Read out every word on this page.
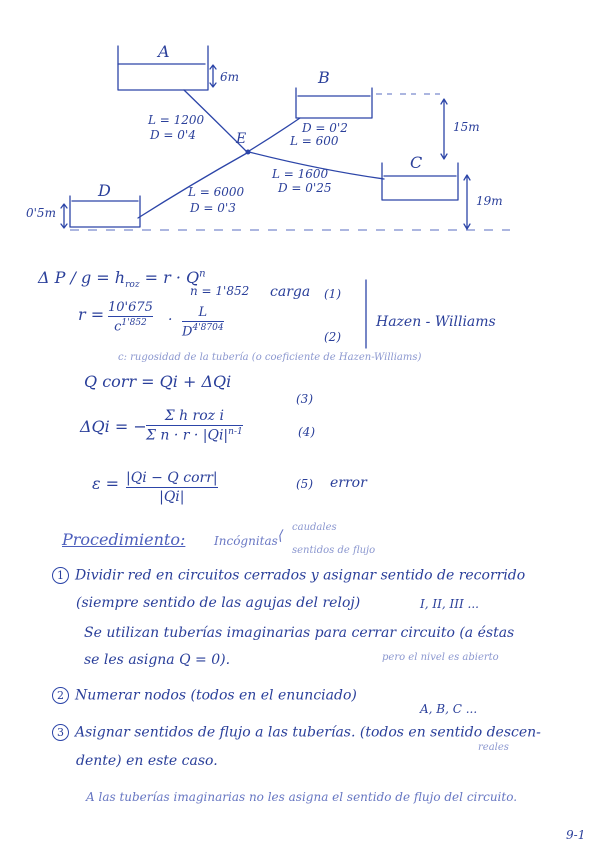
A
B
C
D
E
6m
L = 1200
D = 0'4	D = 0'2
L = 600
15m
L = 1600
D = 0'25
L = 6000
D = 0'3	19m
0'5m
Δ $P / g = h_{roz} = r \cdot Q^n$
n = 1'852 carga (1)
r = 10'675
$c^{1'852}$	·	L
$D^{4'8704}$
(2)
Hazen - Williams
c: rugosidad de la tubería (o coeficiente de Hazen-Williams)
Q corr = Qi + ΔQi
(3)
ΔQi = −
Σ h roz i
Σ $n \cdot r \cdot |Qi|^{n-1}$	(4)
ε = |Qi − Q corr|
|Qi|
(5) error
Procedimiento: Incógnitas ⟨
caudales
sentidos de flujo
1 Dividir red en circuitos cerrados y asignar sentido de recorrido
(siempre sentido de las agujas del reloj)	I, II, III ...
Se utilizan tuberías imaginarias para cerrar circuito (a éstas
se les asigna Q = 0).	pero el nivel es abierto
2 Numerar nodos (todos en el enunciado)
A, B, C ...
3 Asignar sentidos de flujo a las tuberías. (todos en sentido descen-
reales
dente) en este caso.
A las tuberías imaginarias no les asigna el sentido de flujo del circuito.
9-1
